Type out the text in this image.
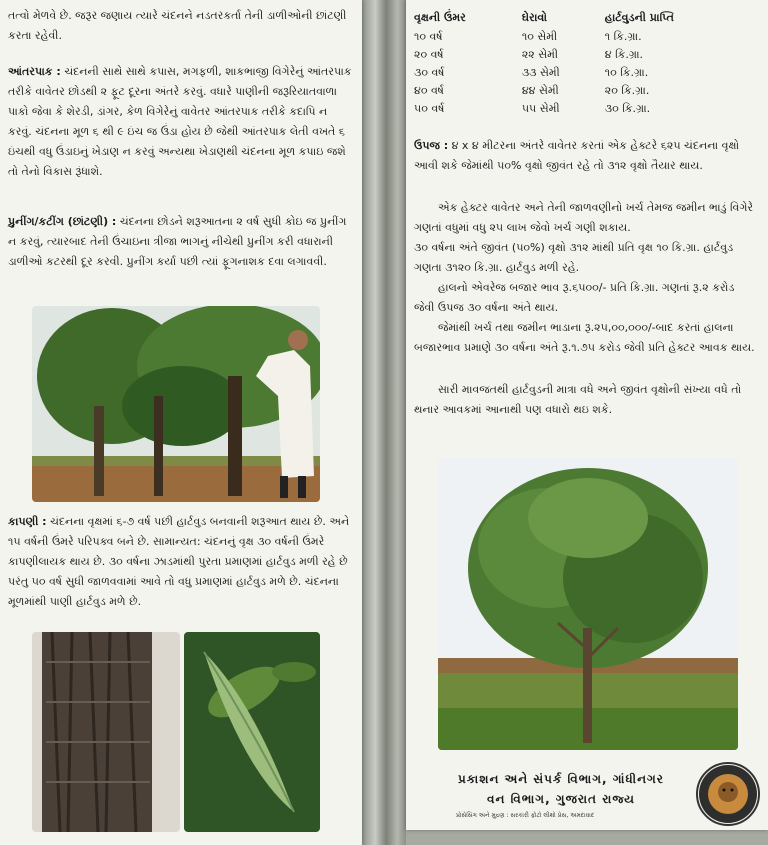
તત્વો મેળવે છે. જરૂર જણાય ત્યારે ચંદનને નડતરકર્તા તેની ડાળીઓની છાંટણી કરતા રહેવી.

આંતરપાક : ચંદનની સાથે સાથે કપાસ, મગફળી, શાકભાજી વિગેરેનું આંતરપાક તરીકે વાવેતર છોડથી ૨ ફૂટ દૂરના અંતરે કરવું. વધારે પાણીની જરૂરિયાતવાળા પાકો જેવા કે શેરડી, ડાંગર, કેળ વિગેરેનું વાવેતર આંતરપાક તરીકે કદાપિ ન કરવું. ચંદનના મૂળ ૬ થી ૯ ઇંચ જ ઉંડા હોય છે જેથી આંતરપાક લેતી વખતે ૬ ઇંચથી વધુ ઉંડાઇનું ખેડાણ ન કરવું અન્યથા ખેડાણથી ચંદનના મૂળ કપાઇ જશે તો તેનો વિકાસ રૂંધાશે.

પ્રુનીંગ/કટીંગ (છાંટણી) : ચંદનના છોડને શરૂઆતના ૨ વર્ષ સુધી કોઇ જ પ્રુનીંગ ન કરવું, ત્યારબાદ તેની ઉંચાઇના ત્રીજા ભાગનું નીચેથી પ્રુનીંગ કરી વધારાની ડાળીઓ કટરથી દૂર કરવી. પ્રુનીંગ કર્યા પછી ત્યાં ફૂગનાશક દવા લગાવવી.

કાપણી : ચંદનના વૃક્ષમાં ૬-૭ વર્ષ પછી હાર્ટવુડ બનવાની શરૂઆત થાય છે. અને ૧૫ વર્ષની ઉંમરે પરિપક્વ બને છે. સામાન્યત: ચંદનનું વૃક્ષ ૩૦ વર્ષની ઉંમરે કાપણીલાયક થાય છે. ૩૦ વર્ષના ઝાડમાંથી પુરતા પ્રમાણમાં હાર્ટવુડ મળી રહે છે પરંતુ ૫૦ વર્ષ સુધી જાળવવામાં આવે તો વધુ પ્રમાણમાં હાર્ટવુડ મળે છે. ચંદનના મૂળમાંથી પાણી હાર્ટવુડ મળે છે.

વૃક્ષની ઉંમર	ઘેરાવો	હાર્ટવુડની પ્રાપ્તિ
૧૦ વર્ષ	૧૦ સેમી	૧ કિ.ગ્રા.
૨૦ વર્ષ	૨૨ સેમી	૪ કિ.ગ્રા.
૩૦ વર્ષ	૩૩ સેમી	૧૦ કિ.ગ્રા.
૪૦ વર્ષ	૪૪ સેમી	૨૦ કિ.ગ્રા.
૫૦ વર્ષ	૫૫ સેમી	૩૦ કિ.ગ્રા.

ઉપજ : ૪ x ૪ મીટરના અંતરે વાવેતર કરતાં એક હેક્ટરે ૬૨૫ ચંદનના વૃક્ષો આવી શકે જેમાંથી ૫૦% વૃક્ષો જીવંત રહે તો ૩૧૨ વૃક્ષો તૈયાર થાય.

એક હેક્ટર વાવેતર અને તેની જાળવણીનો ખર્ચ તેમજ જમીન ભાડું વિગેરે ગણતાં વધુમાં વધુ ૨૫ લાખ જેવો ખર્ચ ગણી શકાય.

૩૦ વર્ષના અંતે જીવંત (૫૦%) વૃક્ષો ૩૧૨ માંથી પ્રતિ વૃક્ષ ૧૦ કિ.ગ્રા. હાર્ટવુડ ગણતા ૩૧૨૦ કિ.ગ્રા. હાર્ટવુડ મળી રહે.

હાલનો એવરેજ બજાર ભાવ રૂ.૬૫૦૦/- પ્રતિ કિ.ગ્રા. ગણતાં રૂ.૨ કરોડ જેવી ઉપજ ૩૦ વર્ષના અંતે થાય.

જેમાંથી ખર્ચ તથા જમીન ભાડાના રૂ.૨૫,૦૦,૦૦૦/-બાદ કરતાં હાલના બજારભાવ પ્રમાણે ૩૦ વર્ષના અંતે રૂ.૧.૭૫ કરોડ જેવી પ્રતિ હેક્ટર આવક થાય.

સારી માવજતથી હાર્ટવુડની માત્રા વધે અને જીવંત વૃક્ષોની સંખ્યા વધે તો થનાર આવકમાં આનાથી પણ વધારો થઇ શકે.

પ્રકાશન અને સંપર્ક વિભાગ, ગાંધીનગર
વન વિભાગ, ગુજરાત રાજ્ય
પ્રોસેસિંગ અને મુદ્રણ : સરકારી ફોટો લીથો પ્રેસ, અમદાવાદ
